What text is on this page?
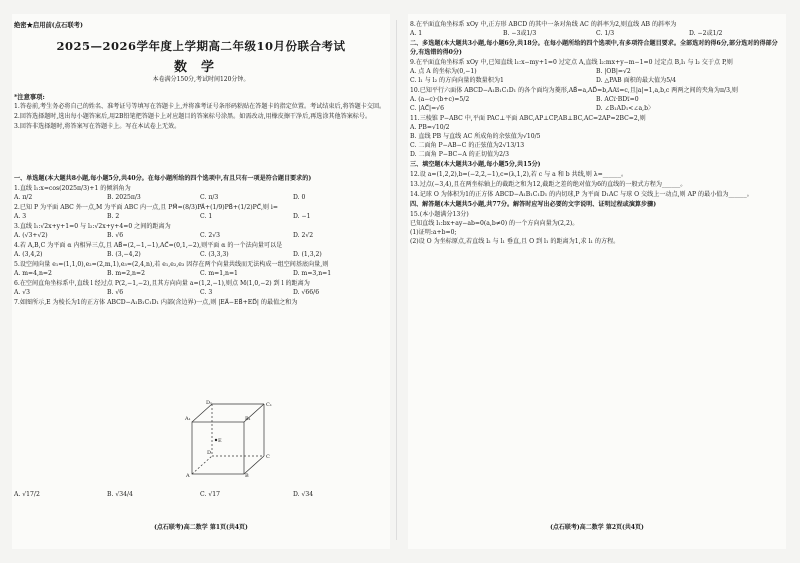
绝密★启用前(点石联考)
2025—2026学年度上学期高二年级10月份联合考试
数学
本卷满分150分,考试时间120分钟。
*注意事项:
1.答卷前,考生务必将自己的姓名、准考证号等填写在答题卡上,并将准考证号条形码粘贴在答题卡的指定位置。考试结束后,将答题卡交回。
2.回答选择题时,选出每小题答案后,用2B铅笔把答题卡上对应题目的答案标号涂黑。如需改动,用橡皮擦干净后,再选涂其他答案标号。
3.回答非选择题时,将答案写在答题卡上。写在本试卷上无效。
一、单选题(本大题共8小题,每小题5分,共40分。在每小题所给的四个选项中,有且只有一项是符合题目要求的)
1.直线 l₁:x=cos(2025π/3)+1 的倾斜角为
A. π/2	B. 2025π/3	C. π/3	D. 0
2.已知 P 为平面 ABC 外一点,M 为平面 ABC 内一点,且 PM⃗=(8/3)PA⃗+(1/9)PB⃗+(1/2)PC⃗,则 i=
A. 3	B. 2	C. 1	D. −1
3.直线 l₁:√2x+y+1=0 与 l₂:√2x+y+4=0 之间的距离为
A. (√3+√2)	B. √6	C. 2√3	D. 2√2
4.若 A,B,C 为平面 α 内相异三点,且 AB⃗=(2,−1,−1),AC⃗=(0,1,−2),则平面 α 的一个法向量可以是
A. (3,4,2)	B. (3,−4,2)	C. (3,3,3)	D. (1,3,2)
5.设空间向量 e₁=(1,1,0),e₂=(2,m,1),e₃=(2,4,n),若 e₁,e₂,e₃ 因存在两个向量共线而无法构成一组空间基底向量,则
A. m=4,n=2	B. m=2,n=2	C. m=1,n=1	D. m=3,n=1
6.在空间直角坐标系中,直线 l 经过点 P(2,−1,−2),且其方向向量 a=(1,2,−1),则点 M(1,0,−2) 到 l 的距离为
A. √3	B. √6	C. 3	D. √66/6
7.如图所示,E 为棱长为1的正方体 ABCD−A₁B₁C₁D₁ 内部(含边界)一点,则 |EA⃗−EB⃗+ED⃗| 的最值之和为
A₁	B₁
C₁
D₁
A	B
C
D
E
A. √17/2	B. √34/4	C. √17	D. √34
(点石联考)高二数学 第1页(共4页)
8.在平面直角坐标系 xOy 中,正方形 ABCD 的其中一条对角线 AC 的斜率为2,则直线 AB 的斜率为
A. 1	B. −3或1/3	C. 1/3	D. −2或1/2
二、多选题(本大题共3小题,每小题6分,共18分。在每小题所给的四个选项中,有多项符合题目要求。全部选对的得6分,部分选对的得部分分,有选错的得0分)
9.在平面直角坐标系 xOy 中,已知直线 l₁:x−my+1=0 过定点 A,直线 l₂:mx+y−m−1=0 过定点 B,l₁ 与 l₂ 交于点 P,则
A. 点 A 的坐标为(0,−1)	B. |OB|=√2
C. l₁ 与 l₂ 的方向向量的数量积为1	D. △PAB 面积的最大值为5/4
10.已知平行六面体 ABCD−A₁B₁C₁D₁ 的各个面均为菱形,AB⃗=a,AD⃗=b,AA₁⃗=c,且|a|=1,a,b,c 两两之间的夹角为π/3,则
A. (a−c)·(b+c)=5/2	B. AC₁⃗·BD₁⃗=0
C. |AC⃗|=√6	D. ∠B₁AD₁<∠a,b〉
11.三棱锥 P−ABC 中,平面 PAC⊥平面 ABC,AP⊥CP,AB⊥BC,AC=2AP=2BC=2,则
A. PB=√10/2
B. 直线 PB 与直线 AC 所成角的余弦值为√10/5
C. 二面角 P−AB−C 的正弦值为2√13/13
D. 二面角 P−BC−A 的正切值为2/3
三、填空题(本大题共3小题,每小题5分,共15分)
12.设 a=(1,2,2),b=(−2,2,−1),c=(λ,1,2),若 c 与 a 和 b 共线,则 λ=______。
13.过点(−3,4),且在两坐标轴上的截距之和为12,截距之差的绝对值为6的直线的一般式方程为______。
14.记球 O 为体积为1的正方体 ABCD−A₁B₁C₁D₁ 的内切球,P 为平面 D₁AC 与球 O 交线上一动点,则 AP 的最小值为______。
四、解答题(本大题共5小题,共77分。解答时应写出必要的文字说明、证明过程或演算步骤)
15.(本小题满分13分)
已知直线 l₁:bx+ay−ab=0(a,b≠0) 的一个方向向量为(2,2)。
(1)证明:a+b=0;
(2)设 O 为坐标原点,若直线 l₂ 与 l₁ 垂直,且 O 到 l₁ 的距离为1,求 l₁ 的方程。
(点石联考)高二数学 第2页(共4页)
